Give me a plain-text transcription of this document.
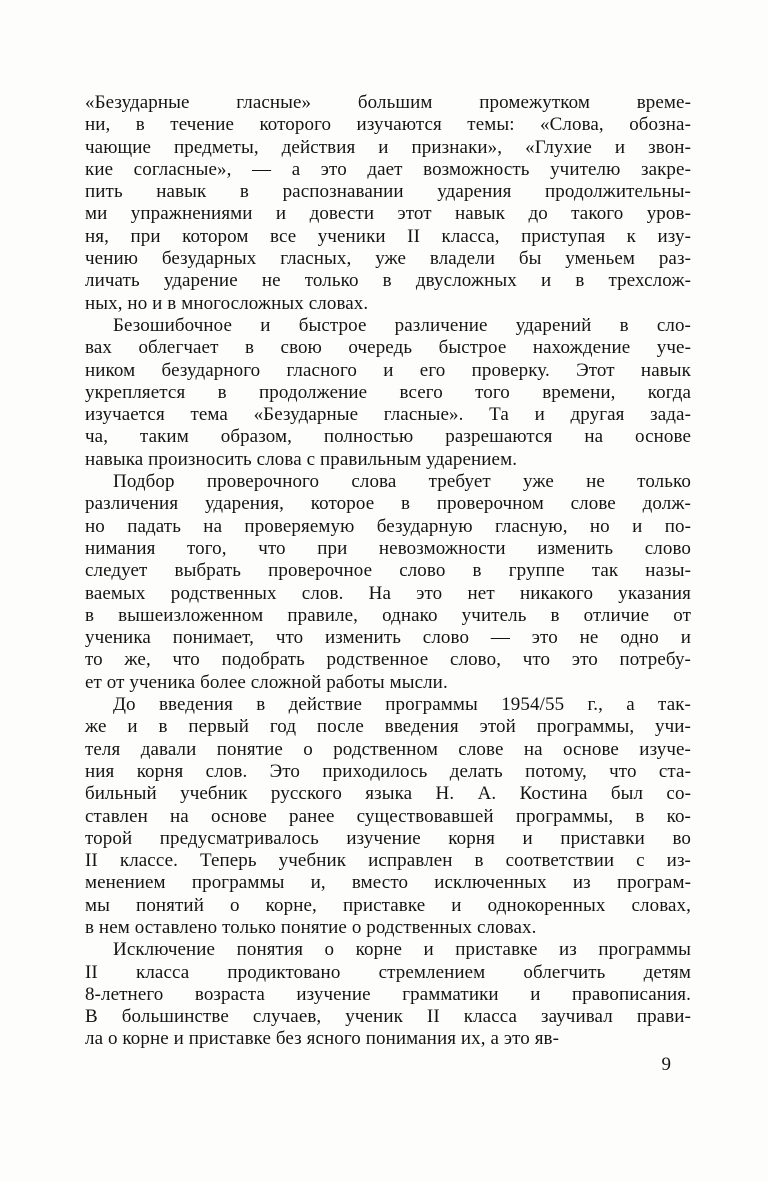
«Безударные гласные» большим промежутком време-
ни, в течение которого изучаются темы: «Слова, обозна-
чающие предметы, действия и признаки», «Глухие и звон-
кие согласные», — а это дает возможность учителю закре-
пить навык в распознавании ударения продолжительны-
ми упражнениями и довести этот навык до такого уров-
ня, при котором все ученики II класса, приступая к изу-
чению безударных гласных, уже владели бы уменьем раз-
личать ударение не только в двусложных и в трехслож-
ных, но и в многосложных словах.
Безошибочное и быстрое различение ударений в сло-
вах облегчает в свою очередь быстрое нахождение уче-
ником безударного гласного и его проверку. Этот навык
укрепляется в продолжение всего того времени, когда
изучается тема «Безударные гласные». Та и другая зада-
ча, таким образом, полностью разрешаются на основе
навыка произносить слова с правильным ударением.
Подбор проверочного слова требует уже не только
различения ударения, которое в проверочном слове долж-
но падать на проверяемую безударную гласную, но и по-
нимания того, что при невозможности изменить слово
следует выбрать проверочное слово в группе так назы-
ваемых родственных слов. На это нет никакого указания
в вышеизложенном правиле, однако учитель в отличие от
ученика понимает, что изменить слово — это не одно и
то же, что подобрать родственное слово, что это потребу-
ет от ученика более сложной работы мысли.
До введения в действие программы 1954/55 г., а так-
же и в первый год после введения этой программы, учи-
теля давали понятие о родственном слове на основе изуче-
ния корня слов. Это приходилось делать потому, что ста-
бильный учебник русского языка Н. А. Костина был со-
ставлен на основе ранее существовавшей программы, в ко-
торой предусматривалось изучение корня и приставки во
II классе. Теперь учебник исправлен в соответствии с из-
менением программы и, вместо исключенных из програм-
мы понятий о корне, приставке и однокоренных словах,
в нем оставлено только понятие о родственных словах.
Исключение понятия о корне и приставке из программы
II класса продиктовано стремлением облегчить детям
8-летнего возраста изучение грамматики и правописания.
В большинстве случаев, ученик II класса заучивал прави-
ла о корне и приставке без ясного понимания их, а это яв-
9
